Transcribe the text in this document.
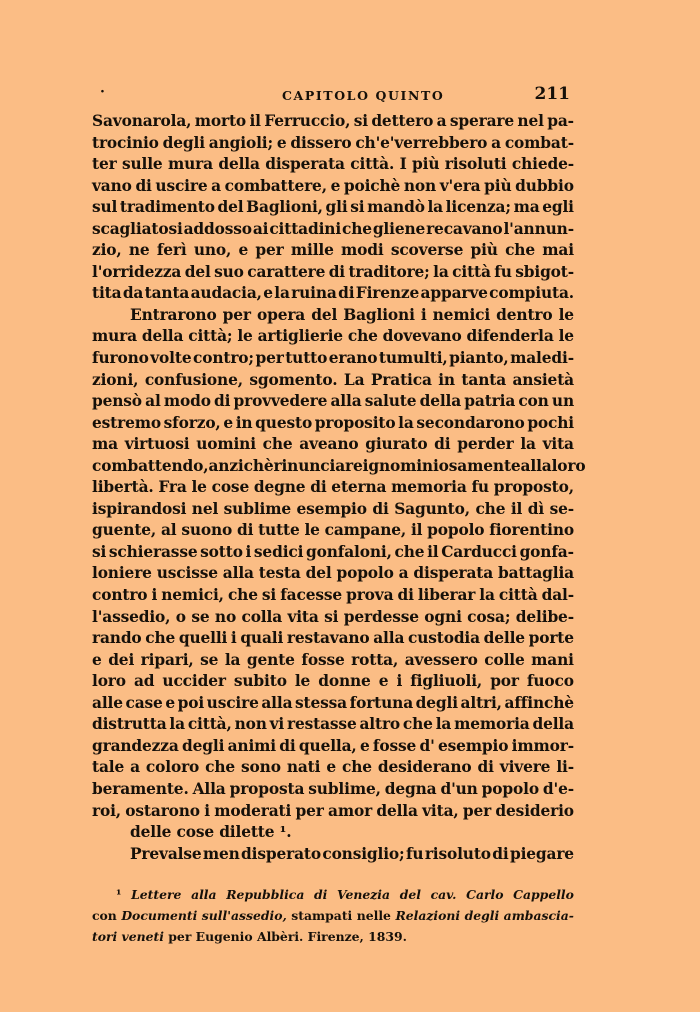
·	CAPITOLO QUINTO	211
Savonarola, morto il Ferruccio, si dettero a sperare nel pa-
trocinio degli angioli; e dissero ch'e'verrebbero a combat-
ter sulle mura della disperata città. I più risoluti chiede-
vano di uscire a combattere, e poichè non v'era più dubbio
sul tradimento del Baglioni, gli si mandò la licenza; ma egli
scagliatosi addosso ai cittadini che gliene recavano l'annun-
zio, ne ferì uno, e per mille modi scoverse più che mai
l'orridezza del suo carattere di traditore; la città fu sbigot-
tita da tanta audacia, e la ruina di Firenze apparve compiuta.
Entrarono per opera del Baglioni i nemici dentro le
mura della città; le artiglierie che dovevano difenderla le
furono volte contro; per tutto erano tumulti, pianto, maledi-
zioni, confusione, sgomento. La Pratica in tanta ansietà
pensò al modo di provvedere alla salute della patria con un
estremo sforzo, e in questo proposito la secondarono pochi
ma virtuosi uomini che aveano giurato di perder la vita
combattendo, anzichè rinunciare ignominiosamente alla loro
libertà. Fra le cose degne di eterna memoria fu proposto,
ispirandosi nel sublime esempio di Sagunto, che il dì se-
guente, al suono di tutte le campane, il popolo fiorentino
si schierasse sotto i sedici gonfaloni, che il Carducci gonfa-
loniere uscisse alla testa del popolo a disperata battaglia
contro i nemici, che si facesse prova di liberar la città dal-
l'assedio, o se no colla vita si perdesse ogni cosa; delibe-
rando che quelli i quali restavano alla custodia delle porte
e dei ripari, se la gente fosse rotta, avessero colle mani
loro ad uccider subito le donne e i figliuoli, por fuoco
alle case e poi uscire alla stessa fortuna degli altri, affinchè
distrutta la città, non vi restasse altro che la memoria della
grandezza degli animi di quella, e fosse d' esempio immor-
tale a coloro che sono nati e che desiderano di vivere li-
beramente. Alla proposta sublime, degna d'un popolo d'e-
roi, ostarono i moderati per amor della vita, per desiderio
delle cose dilette ¹.
Prevalse men disperato consiglio; fu risoluto di piegare
¹ Lettere alla Repubblica di Venezia del cav. Carlo Cappello
con Documenti sull'assedio, stampati nelle Relazioni degli ambascia-
tori veneti per Eugenio Albèri. Firenze, 1839.
